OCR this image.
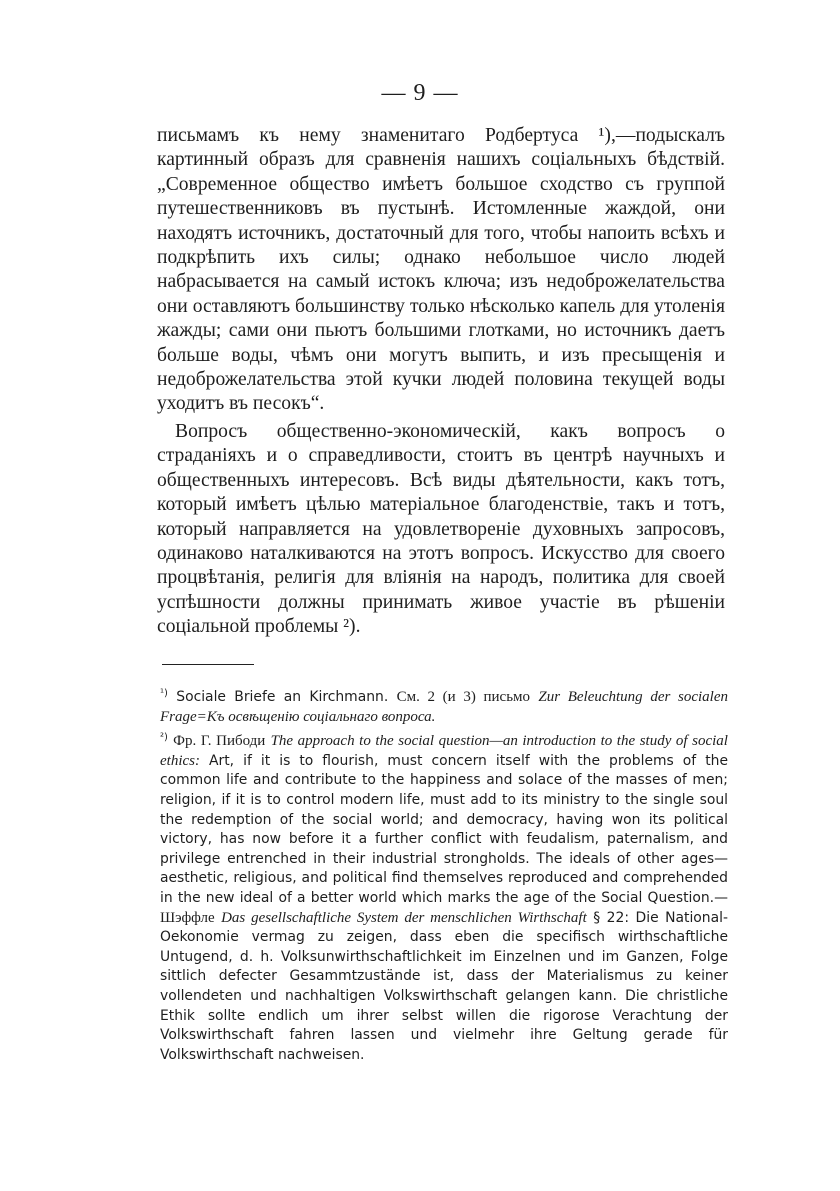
— 9 —

письмамъ къ нему знаменитаго Родбертуса ¹),—подыскалъ картинный образъ для сравненія нашихъ соціальныхъ бѣдствій. „Современное общество имѣетъ большое сходство съ группой путешественниковъ въ пустынѣ. Истомленные жаждой, они находятъ источникъ, достаточный для того, чтобы напоить всѣхъ и подкрѣпить ихъ силы; однако небольшое число людей набрасывается на самый истокъ ключа; изъ недоброжелательства они оставляютъ большинству только нѣсколько капель для утоленія жажды; сами они пьютъ большими глотками, но источникъ даетъ больше воды, чѣмъ они могутъ выпить, и изъ пресыщенія и недоброжелательства этой кучки людей половина текущей воды уходитъ въ песокъ“.

Вопросъ общественно-экономическій, какъ вопросъ о страданіяхъ и о справедливости, стоитъ въ центрѣ научныхъ и общественныхъ интересовъ. Всѣ виды дѣятельности, какъ тотъ, который имѣетъ цѣлью матеріальное благоденствіе, такъ и тотъ, который направляется на удовлетвореніе духовныхъ запросовъ, одинаково наталкиваются на этотъ вопросъ. Искусство для своего процвѣтанія, религія для вліянія на народъ, политика для своей успѣшности должны принимать живое участіе въ рѣшеніи соціальной проблемы ²).

$^{^1)}$ Sociale Briefe an Kirchmann. См. 2 (и 3) письмо Zur Beleuchtung der socialen Frage=Къ освѣщенію соціальнаго вопроса.

$^{^2)}$ Фр. Г. Пибоди The approach to the social question—an introduction to the study of social ethics: Art, if it is to flourish, must concern itself with the problems of the common life and contribute to the happiness and solace of the masses of men; religion, if it is to control modern life, must add to its ministry to the single soul the redemption of the social world; and democracy, having won its political victory, has now before it a further conflict with feudalism, paternalism, and privilege entrenched in their industrial strongholds. The ideals of other ages—aesthetic, religious, and political find themselves reproduced and comprehended in the new ideal of a better world which marks the age of the Social Question.— Шэффле Das gesellschaftliche System der menschlichen Wirthschaft § 22: Die National-Oekonomie vermag zu zeigen, dass eben die specifisch wirthschaftliche Untugend, d. h. Volksunwirthschaftlichkeit im Einzelnen und im Ganzen, Folge sittlich defecter Gesammtzustände ist, dass der Materialismus zu keiner vollendeten und nachhaltigen Volkswirthschaft gelangen kann. Die christliche Ethik sollte endlich um ihrer selbst willen die rigorose Verachtung der Volkswirthschaft fahren lassen und vielmehr ihre Geltung gerade für Volkswirthschaft nachweisen.
